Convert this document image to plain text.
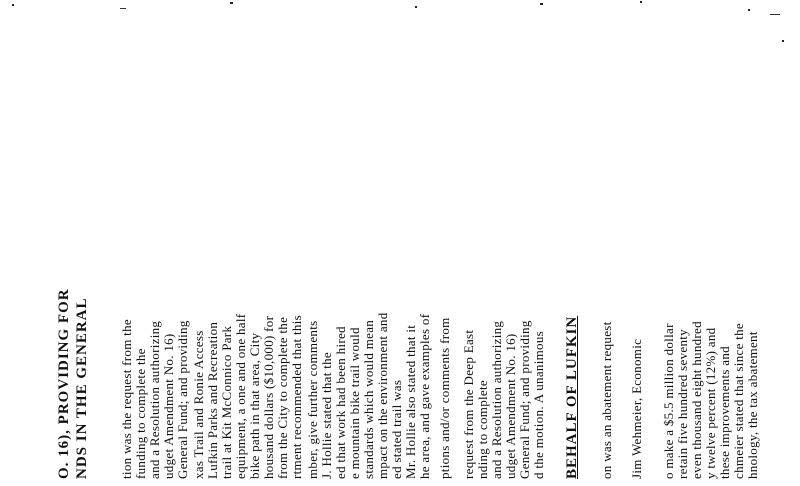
O. 16), PROVIDING FOR NDS IN THE GENERAL tion was the request from the funding to complete the and a Resolution authorizing udget Amendment No. 16) General Fund; and providing xas Trail and Ronie Access Lufkin Parks and Recreation trail at Kit McConnico Park equipment, a one and one half bike path in that area, City housand dollars ($10,000) for from the City to complete the rtment recommended that this mber, give further comments J. Hollie stated that the ed that work had been hired e mountain bike trail would standards which would mean mpact on the environment and ed stated trail was Mr. Hollie also stated that it he area, and gave examples of ptions and/or comments from request from the Deep East nding to complete and a Resolution authorizing udget Amendment No. 16) General Fund; and providing d the motion. A unanimous BEHALF OF LUFKIN on was an abatement request Jim Wehmeier, Economic o make a $5.5 million dollar retain five hundred seventy even thousand eight hundred y twelve percent (12%) and these improvements and chmeier stated that since the hnology, the tax abatement
